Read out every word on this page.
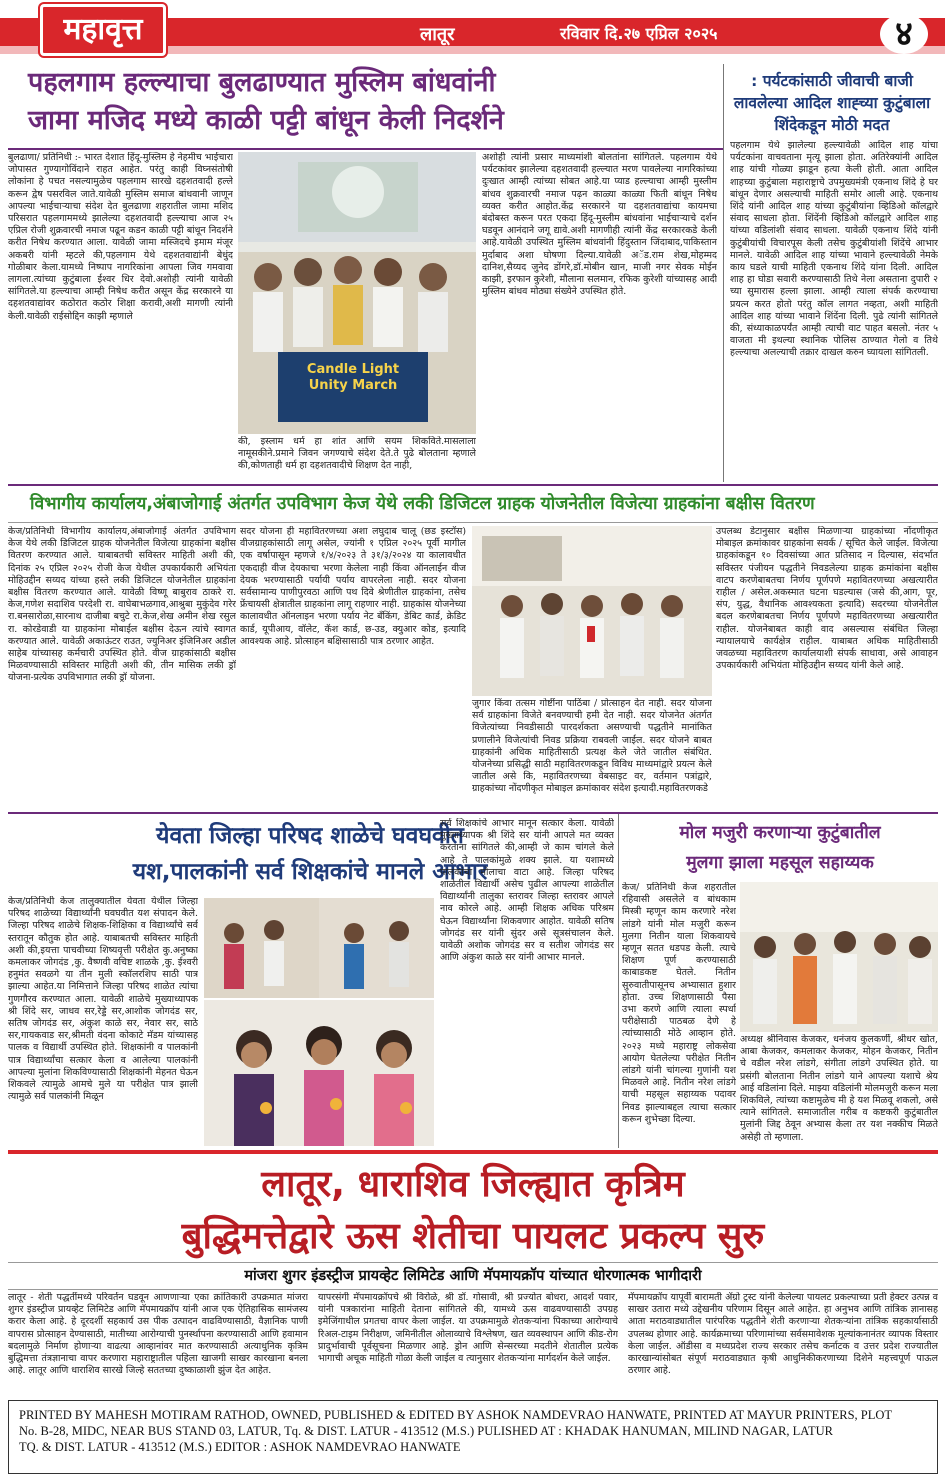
महावृत्त	लातूर	रविवार दि.२७ एप्रिल २०२५	४
पहलगाम हल्ल्याचा बुलढाण्यात मुस्लिम बांधवांनी
जामा मजिद मध्ये काळी पट्टी बांधून केली निदर्शने
बुलढाणा/ प्रतिनिधी :- भारत देशात हिंदू-मुस्लिम हे नेहमीच भाईचारा जोपासत गुण्यागोविंदाने राहत आहेत. परंतु काही विघ्नसंतोषी लोकांना हे पचत नसल्यामुळेच पहलगाम सारखे दहशतवादी हल्ले करून द्वेष पसरविल जाते.यावेळी मुस्लिम समाज बांधवानी जाणून आपल्या भाईचाऱ्याचा संदेश देत बुलढाणा शहरातील जामा मशिद परिसरात पहलगाममध्ये झालेल्या दहशतवादी हल्ल्याचा आज २५ एप्रिल रोजी शुक्रवारची नमाज पढून कडन काळी पट्टी बांधून निदर्शने करीत निषेध करण्यात आला. यावेळी जामा मस्जिदचे इमाम मंजूर अकबरी यांनी म्हटले की,पहलगाम येथे दहशतवाद्यांनी बेधुंद गोळीबार केला.यामध्ये निष्पाप नागरिकांना आपला जिव गमवावा लागला.त्यांच्या कुटुंबाला ईश्वर धिर देवो.अशोही त्यांनी यावेळी सांगितले.या हल्ल्याचा आम्ही निषेध करीत असून केंद्र सरकारने या दहशतवाद्यांवर कठोरात कठोर शिक्षा करावी,अशी मागणी त्यांनी केली.यावेळी राईसोद्दिन काझी म्हणाले
Candle Light
Unity March
की, इस्लाम धर्म हा शांत आणि सयम शिकविते.मासलाला नामूसकीने.प्रमाने जिवन जगण्याचे संदेश देते.ते पुढे बोलताना म्हणाले की,कोणताही धर्म हा दहशतवादीचे शिक्षण देत नाही,
अशोही त्यांनी प्रसार माध्यमांशी बोलतांना सांगितले. पहलगाम येथे पर्यटकांवर झालेल्या दहशतवादी हल्ल्यात मरण पावलेल्या नागरिकांच्या दुःखात आम्ही त्यांच्या सोबत आहे.या प्याड हल्ल्याचा आम्ही मुस्लीम बांधव शुक्रवारची नमाज पढ़न काळ्या काळ्या फिती बांधून निषेध व्यक्त करीत आहोत.केंद्र सरकारने या दहशतवाद्यांचा कायमचा बंदोबस्त करून परत एकदा हिंदू-मुस्लीम बांधवांना भाईचाऱ्याचे दर्शन घडवून आनंदाने जगू द्यावे.अशी मागणीही त्यांनी केंद्र सरकारकडे केली आहे.यावेळी उपस्थित मुस्लिम बांधवांनी हिंदुस्तान जिंदाबाद,पाकिस्तान मुर्दाबाद अशा घोषणा दिल्या.यावेळी अॅड.राम शेख,मोहम्मद दानिश,सैय्यद जुनेद डोंगरे,डॉ.मोबीन खान, माजी नगर सेवक मोईन काझी, इरफान कुरेशी, मौलाना सलमान, रफिक कुरेशी यांच्यासह आदी मुस्लिम बांधव मोठ्या संख्येने उपस्थित होते.
: पर्यटकांसाठी जीवाची बाजी
लावलेल्या आदिल शाह्च्या कुटुंबाला
शिंदेकडून मोठी मदत
पहलगाम येथे झालेल्या हल्ल्यावेळी आदिल शाह यांचा पर्यटकांना वाचवताना मृत्यू झाला होता. अतिरेक्यांनी आदिल शाह यांची गोळ्या झाडून हत्या केली होती. आता आदिल शाहच्या कुटुंबाला महाराष्ट्राचे उपमुख्यमंत्री एकनाथ शिंदे हे घर बांधून देणार असल्याची माहिती समोर आली आहे. एकनाथ शिंदे यांनी आदिल शाह यांच्या कुटुंबीयांना व्हिडिओ कॉलद्वारे संवाद साधला होता. शिंदेंनी व्हिडिओ कॉलद्वारे आदिल शाह यांच्या वडिलांशी संवाद साधला. यावेळी एकनाथ शिंदे यांनी कुटुंबीयांची विचारपूस केली तसेच कुटुंबीयांशी शिंदेंचे आभार मानले. यावेळी आदिल शाह यांच्या भावाने हल्ल्यावेळी नेमके काय घडले याची माहिती एकनाथ शिंदे यांना दिली. आदिल शाह हा घोडा सवारी करण्यासाठी तिथे नेला असताना दुपारी २ च्या सुमारास हल्ला झाला. आम्ही त्याला संपर्क करण्याचा प्रयत्न करत होतो परंतु कॉल लागत नव्हता, अशी माहिती आदिल शाह यांच्या भावाने शिंदेंना दिली. पुढे त्यांनी सांगितले की, संध्याकाळपर्यंत आम्ही त्याची वाट पाहत बसलो. नंतर ५ वाजता मी इथल्या स्थानिक पोलिस ठाण्यात गेलो व तिथे हल्ल्याचा अलल्याची तक्रार दाखल करुन घ्यायला सांगितली.
विभागीय कार्यालय,अंबाजोगाई अंतर्गत उपविभाग केज येथे लकी डिजिटल ग्राहक योजनेतील विजेत्या ग्राहकांना बक्षीस वितरण
केज/प्रतिनिधी विभागीय कार्यालय,अंबाजोगाई अंतर्गत उपविभाग केज येथे लकी डिजिटल ग्राहक योजनेतील विजेत्या ग्राहकांना बक्षीस वितरण करण्यात आले. याबाबतची सविस्तर माहिती अशी की, दिनांक २५ एप्रिल २०२५ रोजी केज येथील उपकार्यकारी अभियंता मोहिउद्दीन सय्यद यांच्या हस्ते लकी डिजिटल योजनेतील ग्राहकांना बक्षीस वितरण करण्यात आले. यावेळी विष्णू बाबुराव ठाकरे रा. केज,गणेश सदाशिव परदेशी रा. वाघेबाभळगाव,आश्रुबा मुकुंदेव गरेर रा.बनसारोळा,सारनाथ दाजीबा बचुटे रा.केज,शेख अमीन शेख रसुल रा. कोरडेवाडी या ग्राहकांना मोबाईल बक्षीस देऊन त्यांचे स्वागत करण्यात आले. यावेळी अकाऊंटर राउत, ज्युनिअर इंजिनिअर अडील साहेब यांच्यासह कर्मचारी उपस्थित होते. वीज ग्राहकांसाठी बक्षीस मिळवण्यासाठी सविस्तर माहिती अशी की, तीन मासिक लकी ड्रॉ योजना-प्रत्येक उपविभागात लकी ड्रॉ योजना.
सदर योजना ही महावितरणच्या अशा लघुदाब चालू (छड इस्टॉस) वीजग्राहकांसाठी लागू असेल, ज्यांनी १ एप्रिल २०२५ पूर्वी मागील एक वर्षापासून म्हणजे १/४/२०२३ ते ३१/३/२०२४ या कालावधीत एकदाही वीज देयकाचा भरणा केलेला नाही किंवा ऑनलाईन वीज देयक भरण्यासाठी पर्यायी पर्याय वापरलेला नाही. सदर योजना सर्वसामान्य पाणीपुरवठा आणि पथ दिवे श्रेणीतील ग्राहकांना, तसेच फ्रेंचायसी क्षेत्रातील ग्राहकांना लागू राहणार नाही. ग्राहकांस योजनेच्या कालावधीत ऑनलाइन भरणा पर्याय नेट बँकिंग, डेबिट कार्ड, क्रेडिट कार्ड, यूपीआय, वॉलेट, कॅश कार्ड, छ-उड, क्युआर कोड, इत्यादि आवश्यक आहे. प्रोत्साहन बक्षिसासाठी पात्र ठरणार आहेत.
जुगार किंवा तत्सम गोष्टींना पाठिंबा / प्रोत्साहन देत नाही. सदर योजना सर्व ग्राहकांना विजेते बनवण्याची हमी देत नाही. सदर योजनेत अंतर्गत विजेत्यांच्या निवडीसाठी पारदर्शकता असण्याची पद्धतीने मानांकित प्रणालीने विजेत्यांची निवड प्रक्रिया राबवली जाईल. सदर योजने बाबत ग्राहकांनी अधिक माहितीसाठी प्रत्यक्ष केले जेते जातील संबंधित. योजनेच्या प्रसिद्धी साठी महावितरणकडून विविध माध्यमांद्वारे प्रयत्न केले जातील असे कि, महावितरणच्या वेबसाइट वर, वर्तमान पत्रांद्वारे, ग्राहकांच्या नोंदणीकृत मोबाइल क्रमांकावर संदेश इत्यादी.महावितरणकडे
उपलब्ध डेटानुसार बक्षीस मिळणाऱ्या ग्राहकांच्या नोंदणीकृत मोबाइल क्रमांकावर ग्राहकांना सवर्क / सूचित केले जाईल. विजेत्या ग्राहकांकडून १० दिवसांच्या आत प्रतिसाद न दिल्यास, संदर्भात सविस्तर पंजीयन पद्धतीने निवडलेल्या ग्राहक क्रमांकांना बक्षीस वाटप करणेबाबतचा निर्णय पूर्णपणे महावितरणच्या अखत्यारीत राहील / असेल.अकस्मात घटना घडल्यास (जसे की,आग, पूर, संप, युद्ध, वैधानिक आवश्यकता इत्यादि) सदरच्या योजनेतील बदल करणेबाबतचा निर्णय पूर्णपणे महावितरणच्या अखत्यारीत राहील. योजनेबाबत काही वाद असल्यास संबंधित जिल्हा न्यायालयाचे कार्यक्षेत्र राहील. याबाबत अधिक माहितीसाठी जवळच्या महावितरण कार्यालयाशी संपर्क साधावा, असे आवाहन उपकार्यकारी अभियंता मोहिउद्दीन सय्यद यांनी केले आहे.
येवता जिल्हा परिषद शाळेचे घवघवीत
यश,पालकांनी सर्व शिक्षकांचे मानले आभार
केज/प्रतिनिधी केज तालुक्यातील येवता येथील जिल्हा परिषद शाळेच्या विद्यार्थ्यांनी घवघवीत यश संपादन केले. जिल्हा परिषद शाळेचे शिक्षक-शिक्षिका व विद्यार्थ्यांचे सर्व स्तरातून कौतुक होत आहे. याबाबतची सविस्तर माहिती अशी की,इयत्ता पाचवीच्या शिष्यवृत्ती परीक्षेत कु.अनुष्का कमलाकर जोगदंड ,कु. वैष्णवी वचिष्ट शाळके ,कु. ईश्वरी हनुमंत सवळगे या तीन मुली स्कॉलरशिप साठी पात्र झाल्या आहेत.या निमित्ताने जिल्हा परिषद शाळेत त्यांचा गुणगौरव करण्यात आला. यावेळी शाळेचे मुख्याध्यापक श्री शिंदे सर, जाधव सर,रेड्डे सर,आशोक जोगदंड सर, सतिष जोगदंड सर, अंकुश काळे सर, नेवार सर, साठे सर,गायकवाड सर,श्रीमती वंदना कोकाटे मॅडम यांच्यासह पालक व विद्यार्थी उपस्थित होते. शिक्षकांनी व पालकांनी पात्र विद्यार्थ्यांचा सत्कार केला व आलेल्या पालकांनी आपल्या मुलांना शिकविण्यासाठी शिक्षकांनी मेहनत घेऊन शिकवले त्यामुळे आमचे मुले या परीक्षेत पात्र झाली त्यामुळे सर्व पालकांनी मिळून
सर्व शिक्षकांचे आभार मानून सत्कार केला. यावेळी मुख्याध्यापक श्री शिंदे सर यांनी आपले मत व्यक्त करताना सांगितले की,आम्ही जे काम चांगले केले आहे ते पालकांमुळे शक्य झाले. या यशामध्ये पालकांचा मोलाचा वाटा आहे. जिल्हा परिषद शाळेतील विद्यार्थी असेच पुढील आपल्या शाळेतील विद्यार्थ्यांनी तालुका स्तरावर जिल्हा स्तरावर आपले नाव कोरले आहे. आम्ही शिक्षक अधिक परिश्रम घेऊन विद्यार्थ्यांना शिकवणार आहोत. यावेळी सतिष जोगदंड सर यांनी सुंदर असे सूत्रसंचालन केले. यावेळी अशोक जोगदंड सर व सतीश जोगदंड सर आणि अंकुश काळे सर यांनी आभार मानले.
मोल मजुरी करणाऱ्या कुटुंबातील
मुलगा झाला महसूल सहाय्यक
केज/ प्रतिनिधी केज शहरातील रहिवासी असलेले व बांधकाम मिस्त्री म्हणून काम करणारे नरेश लांडगे यांनी मोल मजुरी करून मुलगा नितीन याला शिकवायचे म्हणून सतत धडपड केली. त्याचे शिक्षण पूर्ण करण्यासाठी काबाडकष्ट घेतले. नितीन सुरुवातीपासूनच अभ्यासात हुशार होता. उच्च शिक्षणासाठी पैसा उभा करणे आणि त्याला स्पर्धा परीक्षेसाठी पाठबळ देणे हे त्यांच्यासाठी मोठे आव्हान होते. २०२३ मध्ये महाराष्ट्र लोकसेवा आयोग घेतलेल्या परीक्षेत नितीन लांडगे यांनी चांगल्या गुणांनी यश मिळवले आहे. नितीन नरेश लांडगे याची महसूल सहाय्यक पदावर निवड झाल्याबद्दल त्याचा सत्कार करून शुभेच्छा दिल्या.
अध्यक्ष श्रीनिवास केजकर, धनंजय कुलकर्णी, श्रीधर खोत, आबा केजकर, कमलाकर केजकर, मोहन केजकर, नितीन चे वडील नरेश लांडगे, संगीता लांडगे उपस्थित होते. या प्रसंगी बोलताना नितीन लांडगे याने आपल्या यशाचे श्रेय आई वडिलांना दिले. माझ्या वडिलांनी मोलमजुरी करून मला शिकविले, त्यांच्या कष्टामुळेच मी हे यश मिळवू शकलो, असे त्याने सांगितले. समाजातील गरीब व कष्टकरी कुटुंबातील मुलांनी जिद्द ठेवून अभ्यास केला तर यश नक्कीच मिळते असेही तो म्हणाला.
लातूर, धाराशिव जिल्ह्यात कृत्रिम
बुद्धिमत्तेद्वारे ऊस शेतीचा पायलट प्रकल्प सुरु
मांजरा शुगर इंडस्ट्रीज प्रायव्हेट लिमिटेड आणि मॅपमायक्रॉप यांच्यात धोरणात्मक भागीदारी
लातूर - शेती पद्धतींमध्ये परिवर्तन घडवून आणणाऱ्या एका क्रांतिकारी उपक्रमात मांजरा शुगर इंडस्ट्रीज प्रायव्हेट लिमिटेड आणि मॅपमायक्रॉप यांनी आज एक ऐतिहासिक सामंजस्य करार केला आहे. हे दूरदर्शी सहकार्य उस पीक उत्पादन वाढविण्यासाठी, वैज्ञानिक पाणी वापरास प्रोत्साहन देण्यासाठी, मातीच्या आरोग्याची पुनर्स्थापना करण्यासाठी आणि हवामान बदलामुळे निर्माण होणाऱ्या वाढत्या आव्हानांवर मात करण्यासाठी अत्याधुनिक कृत्रिम बुद्धिमत्ता तंत्रज्ञानाचा वापर करणारा महाराष्ट्रातील पहिला खाजगी साखर कारखाना बनला आहे. लातूर आणि धाराशिव सारखे जिल्हे सततच्या दुष्काळाशी झुंज देत आहेत.
यापरसंगी मॅपमायक्रॉपचे श्री विरोळे, श्री डॉ. गोसावी, श्री प्रज्योत बोधरा, आदर्श पवार, यांनी पत्रकारांना माहिती देताना सांगितले की, यामध्ये ऊस वाढवण्यासाठी उपग्रह इमेजिंगाधील प्रगतचा वापर केला जाईल. या उपक्रमामुळे शेतकऱ्यांना पिकाच्या आरोग्याचे रिअल-टाइम निरीक्षण, जमिनीतील ओलाव्याचे विश्लेषण, खत व्यवस्थापन आणि कीड-रोग प्रादुर्भावाची पूर्वसूचना मिळणार आहे. ड्रोन आणि सेन्सरच्या मदतीने शेतातील प्रत्येक भागाची अचूक माहिती गोळा केली जाईल व त्यानुसार शेतकऱ्यांना मार्गदर्शन केले जाईल.
मॅपमायक्रॉप यापूर्वी बारामती ॲग्रो ट्रस्ट यांनी केलेल्या पायलट प्रकल्पाच्या प्रती हेक्टर उत्पन्न व साखर उतारा मध्ये उद्देखनीय परिणाम दिसून आले आहेत. हा अनुभव आणि तांत्रिक ज्ञानासह आता मराठवाड्यातील पारंपरिक पद्धतीने शेती करणाऱ्या शेतकऱ्यांना तांत्रिक सहकार्यासाठी उपलब्ध होणार आहे. कार्यक्रमाच्या परिणामांच्या सर्वसमावेशक मूल्यांकनानंतर व्यापक विस्तार केला जाईल. ऑडीसा व मध्यप्रदेश राज्य सरकार तसेच कर्नाटक व उत्तर प्रदेश राज्यातील कारखान्यांसोबत संपूर्ण मराठवाड्यात कृषी आधुनिकीकरणाच्या दिशेने महत्त्वपूर्ण पाऊल ठरणार आहे.
PRINTED BY MAHESH MOTIRAM RATHOD, OWNED, PUBLISHED & EDITED BY ASHOK NAMDEVRAO HANWATE, PRINTED AT MAYUR PRINTERS, PLOT
No. B-28, MIDC, NEAR BUS STAND 03, LATUR, Tq. & DIST. LATUR - 413512 (M.S.) PULISHED AT : KHADAK HANUMAN, MILIND NAGAR, LATUR
TQ. & DIST. LATUR - 413512 (M.S.) EDITOR : ASHOK NAMDEVRAO HANWATE
